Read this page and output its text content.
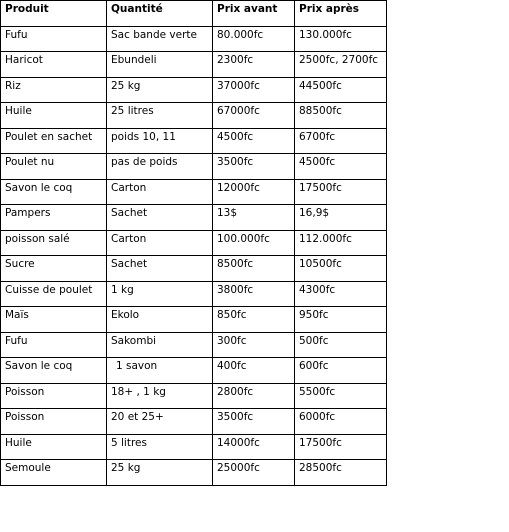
Produit	Quantité	Prix avant	Prix après
Fufu	Sac bande verte	80.000fc	130.000fc
Haricot	Ebundeli	2300fc	2500fc, 2700fc
Riz	25 kg	37000fc	44500fc
Huile	25 litres	67000fc	88500fc
Poulet en sachet	poids 10, 11	4500fc	6700fc
Poulet nu	pas de poids	3500fc	4500fc
Savon le coq	Carton	12000fc	17500fc
Pampers	Sachet	13$	16,9$
poisson salé	Carton	100.000fc	112.000fc
Sucre	Sachet	8500fc	10500fc
Cuisse de poulet	1 kg	3800fc	4300fc
Maïs	Ekolo	850fc	950fc
Fufu	Sakombi	300fc	500fc
Savon le coq	1 savon	400fc	600fc
Poisson	18+ , 1 kg	2800fc	5500fc
Poisson	20 et 25+	3500fc	6000fc
Huile	5 litres	14000fc	17500fc
Semoule	25 kg	25000fc	28500fc
